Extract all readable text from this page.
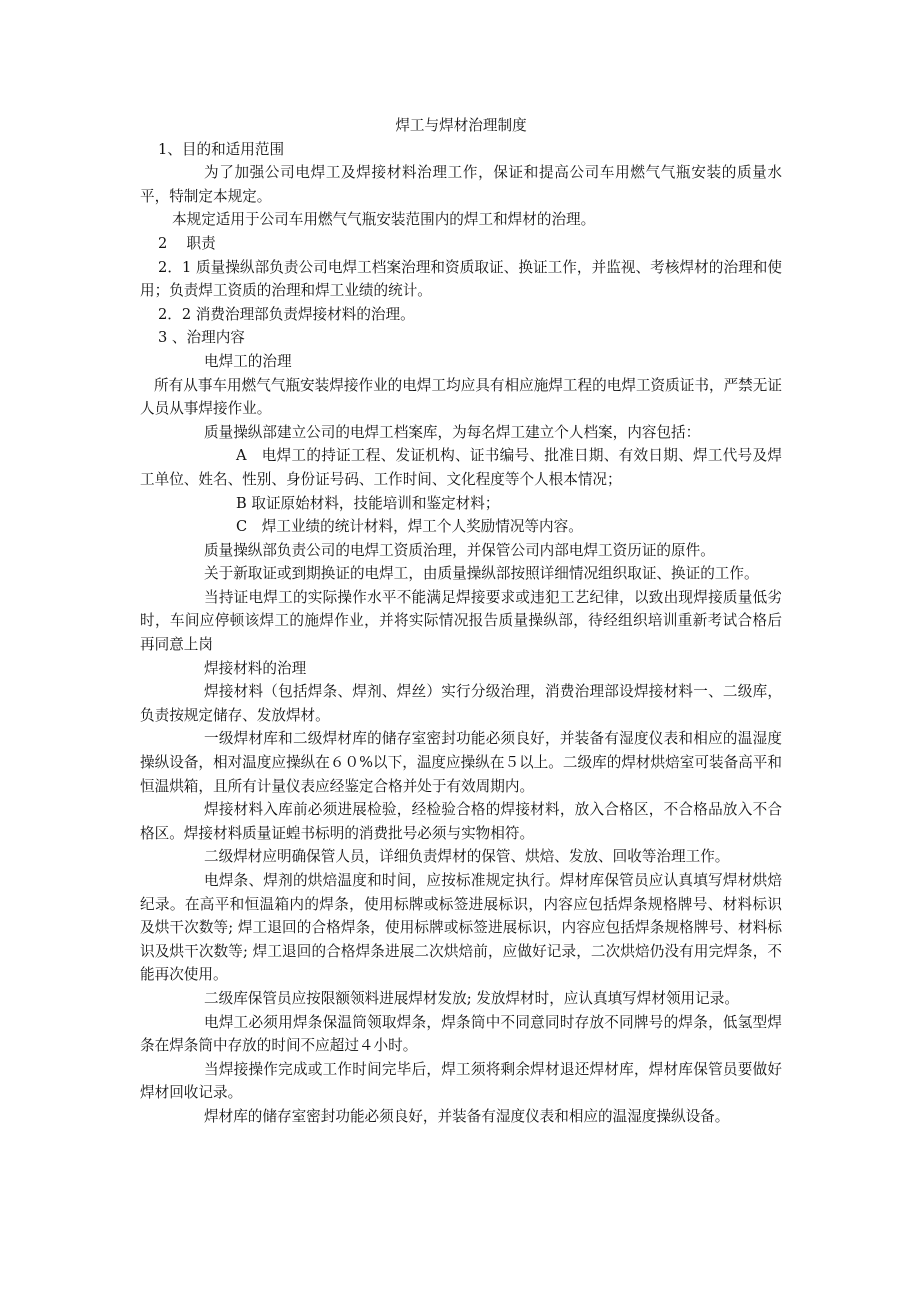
焊工与焊材治理制度

1、目的和适用范围

为了加强公司电焊工及焊接材料治理工作，保证和提高公司车用燃气气瓶安装的质量水平，特制定本规定。

本规定适用于公司车用燃气气瓶安装范围内的焊工和焊材的治理。

2　 职责

2．1 质量操纵部负责公司电焊工档案治理和资质取证、换证工作，并监视、考核焊材的治理和使用；负责焊工资质的治理和焊工业绩的统计。

2．2 消费治理部负责焊接材料的治理。

3 、治理内容

电焊工的治理

所有从事车用燃气气瓶安装焊接作业的电焊工均应具有相应施焊工程的电焊工资质证书，严禁无证人员从事焊接作业。

质量操纵部建立公司的电焊工档案库，为每名焊工建立个人档案，内容包括：

A　电焊工的持证工程、发证机构、证书编号、批准日期、有效日期、焊工代号及焊工单位、姓名、性别、身份证号码、工作时间、文化程度等个人根本情况；

B 取证原始材料，技能培训和鉴定材料；

C　焊工业绩的统计材料，焊工个人奖励情况等内容。

质量操纵部负责公司的电焊工资质治理，并保管公司内部电焊工资历证的原件。

关于新取证或到期换证的电焊工，由质量操纵部按照详细情况组织取证、换证的工作。

当持证电焊工的实际操作水平不能满足焊接要求或违犯工艺纪律，以致出现焊接质量低劣时，车间应停顿该焊工的施焊作业，并将实际情况报告质量操纵部，待经组织培训重新考试合格后再同意上岗

焊接材料的治理

焊接材料（包括焊条、焊剂、焊丝）实行分级治理，消费治理部设焊接材料一、二级库，负责按规定储存、发放焊材。

一级焊材库和二级焊材库的储存室密封功能必须良好，并装备有湿度仪表和相应的温湿度操纵设备，相对温度应操纵在６０%以下，温度应操纵在５以上。二级库的焊材烘焙室可装备高平和恒温烘箱，且所有计量仪表应经鉴定合格并处于有效周期内。

焊接材料入库前必须进展检验，经检验合格的焊接材料，放入合格区，不合格品放入不合格区。焊接材料质量证蝗书标明的消费批号必须与实物相符。

二级焊材应明确保管人员，详细负责焊材的保管、烘焙、发放、回收等治理工作。

电焊条、焊剂的烘焙温度和时间，应按标准规定执行。焊材库保管员应认真填写焊材烘焙纪录。在高平和恒温箱内的焊条，使用标牌或标签进展标识，内容应包括焊条规格牌号、材料标识及烘干次数等; 焊工退回的合格焊条，使用标牌或标签进展标识，内容应包括焊条规格牌号、材料标识及烘干次数等; 焊工退回的合格焊条进展二次烘焙前，应做好记录，二次烘焙仍没有用完焊条，不能再次使用。

二级库保管员应按限额领料进展焊材发放; 发放焊材时，应认真填写焊材领用记录。

电焊工必须用焊条保温筒领取焊条，焊条筒中不同意同时存放不同牌号的焊条，低氢型焊条在焊条筒中存放的时间不应超过４小时。

当焊接操作完成或工作时间完毕后，焊工须将剩余焊材退还焊材库，焊材库保管员要做好焊材回收记录。

焊材库的储存室密封功能必须良好，并装备有湿度仪表和相应的温湿度操纵设备。
